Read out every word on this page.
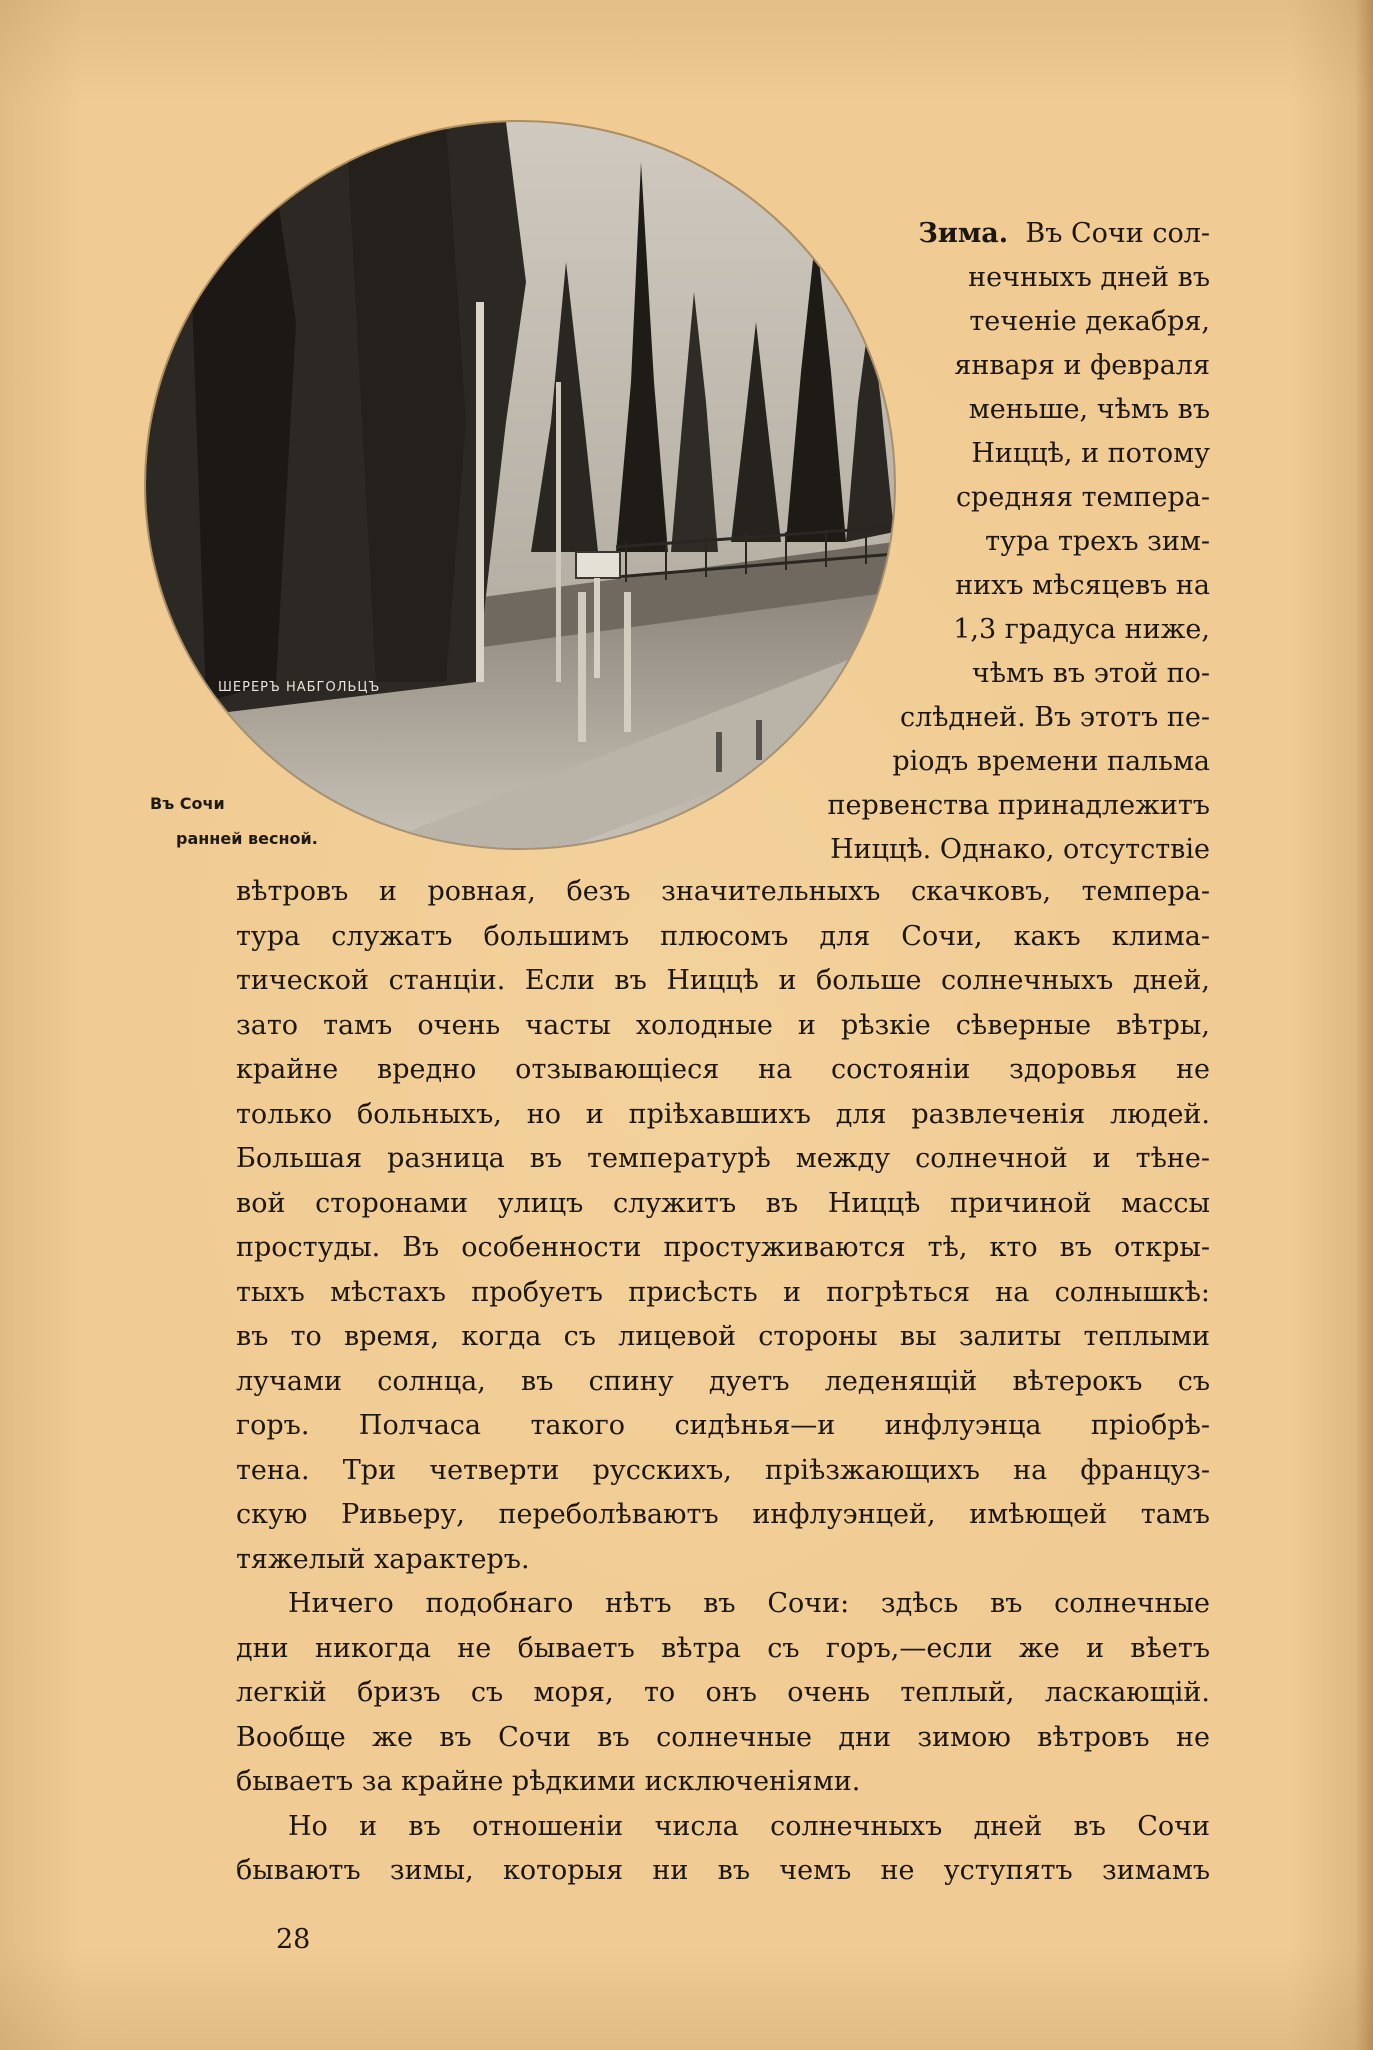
ШЕРЕРЪ НАБГОЛЬЦЪ
Въ Сочи
ранней весной.
Зима. Въ Сочи сол-
нечныхъ дней въ
теченіе декабря,
января и февраля
меньше, чѣмъ въ
Ниццѣ, и потому
средняя темпера-
тура трехъ зим-
нихъ мѣсяцевъ на
1,3 градуса ниже,
чѣмъ въ этой по-
слѣдней. Въ этотъ пе-
ріодъ времени пальма
первенства принадлежитъ
Ниццѣ. Однако, отсутствіе
вѣтровъ и ровная, безъ значительныхъ скачковъ, темпера-
тура служатъ большимъ плюсомъ для Сочи, какъ клима-
тической станціи. Если въ Ниццѣ и больше солнечныхъ дней,
зато тамъ очень часты холодные и рѣзкіе сѣверные вѣтры,
крайне вредно отзывающіеся на состояніи здоровья не
только больныхъ, но и пріѣхавшихъ для развлеченія людей.
Большая разница въ температурѣ между солнечной и тѣне-
вой сторонами улицъ служитъ въ Ниццѣ причиной массы
простуды. Въ особенности простуживаются тѣ, кто въ откры-
тыхъ мѣстахъ пробуетъ присѣсть и погрѣться на солнышкѣ:
въ то время, когда съ лицевой стороны вы залиты теплыми
лучами солнца, въ спину дуетъ леденящій вѣтерокъ съ
горъ. Полчаса такого сидѣнья—и инфлуэнца пріобрѣ-
тена. Три четверти русскихъ, пріѣзжающихъ на француз-
скую Ривьеру, переболѣваютъ инфлуэнцей, имѣющей тамъ
тяжелый характеръ.
Ничего подобнаго нѣтъ въ Сочи: здѣсь въ солнечные
дни никогда не бываетъ вѣтра съ горъ,—если же и вѣетъ
легкій бризъ съ моря, то онъ очень теплый, ласкающій.
Вообще же въ Сочи въ солнечные дни зимою вѣтровъ не
бываетъ за крайне рѣдкими исключеніями.
Но и въ отношеніи числа солнечныхъ дней въ Сочи
бываютъ зимы, которыя ни въ чемъ не уступятъ зимамъ
28
